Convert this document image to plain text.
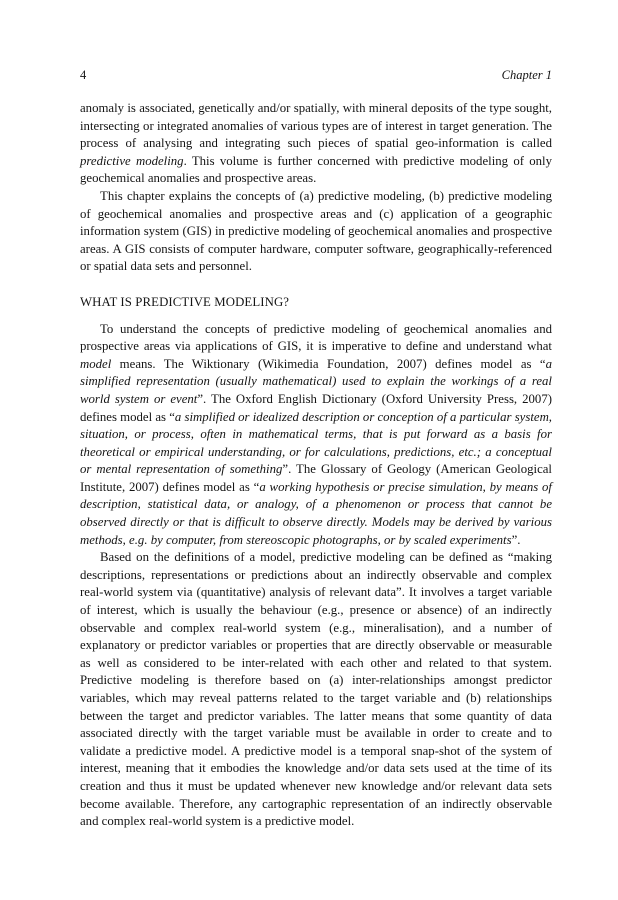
4	Chapter 1

anomaly is associated, genetically and/or spatially, with mineral deposits of the type sought, intersecting or integrated anomalies of various types are of interest in target generation. The process of analysing and integrating such pieces of spatial geo-information is called predictive modeling. This volume is further concerned with predictive modeling of only geochemical anomalies and prospective areas.

This chapter explains the concepts of (a) predictive modeling, (b) predictive modeling of geochemical anomalies and prospective areas and (c) application of a geographic information system (GIS) in predictive modeling of geochemical anomalies and prospective areas. A GIS consists of computer hardware, computer software, geographically-referenced or spatial data sets and personnel.

WHAT IS PREDICTIVE MODELING?

To understand the concepts of predictive modeling of geochemical anomalies and prospective areas via applications of GIS, it is imperative to define and understand what model means. The Wiktionary (Wikimedia Foundation, 2007) defines model as “a simplified representation (usually mathematical) used to explain the workings of a real world system or event”. The Oxford English Dictionary (Oxford University Press, 2007) defines model as “a simplified or idealized description or conception of a particular system, situation, or process, often in mathematical terms, that is put forward as a basis for theoretical or empirical understanding, or for calculations, predictions, etc.; a conceptual or mental representation of something”. The Glossary of Geology (American Geological Institute, 2007) defines model as “a working hypothesis or precise simulation, by means of description, statistical data, or analogy, of a phenomenon or process that cannot be observed directly or that is difficult to observe directly. Models may be derived by various methods, e.g. by computer, from stereoscopic photographs, or by scaled experiments”.

Based on the definitions of a model, predictive modeling can be defined as “making descriptions, representations or predictions about an indirectly observable and complex real-world system via (quantitative) analysis of relevant data”. It involves a target variable of interest, which is usually the behaviour (e.g., presence or absence) of an indirectly observable and complex real-world system (e.g., mineralisation), and a number of explanatory or predictor variables or properties that are directly observable or measurable as well as considered to be inter-related with each other and related to that system. Predictive modeling is therefore based on (a) inter-relationships amongst predictor variables, which may reveal patterns related to the target variable and (b) relationships between the target and predictor variables. The latter means that some quantity of data associated directly with the target variable must be available in order to create and to validate a predictive model. A predictive model is a temporal snap-shot of the system of interest, meaning that it embodies the knowledge and/or data sets used at the time of its creation and thus it must be updated whenever new knowledge and/or relevant data sets become available. Therefore, any cartographic representation of an indirectly observable and complex real-world system is a predictive model.
